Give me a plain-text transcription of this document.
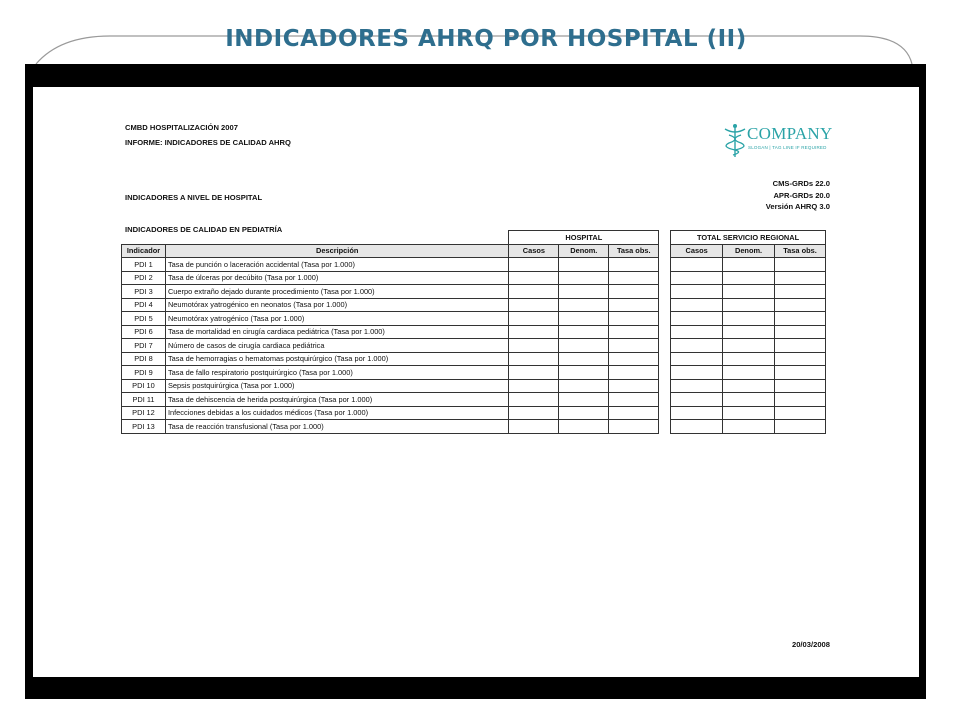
INDICADORES AHRQ POR HOSPITAL (II)
CMBD HOSPITALIZACIÓN 2007
INFORME: INDICADORES DE CALIDAD AHRQ
INDICADORES A NIVEL DE HOSPITAL
INDICADORES DE CALIDAD EN PEDIATRÍA
CMS-GRDs 22.0
APR-GRDs 20.0
Versión AHRQ 3.0
COMPANY
SLOGAN | TAG LINE IF REQUIRED
		HOSPITAL				TOTAL SERVICIO REGIONAL		
Indicador	Descripción	Casos	Denom.	Tasa obs.		Casos	Denom.	Tasa obs.
PDI 1	Tasa de punción o laceración accidental (Tasa por 1.000)							
PDI 2	Tasa de úlceras por decúbito (Tasa por 1.000)							
PDI 3	Cuerpo extraño dejado durante procedimiento (Tasa por 1.000)							
PDI 4	Neumotórax yatrogénico en neonatos (Tasa por 1.000)							
PDI 5	Neumotórax yatrogénico (Tasa por 1.000)							
PDI 6	Tasa de mortalidad en cirugía cardiaca pediátrica (Tasa por 1.000)							
PDI 7	Número de casos de cirugía cardiaca pediátrica							
PDI 8	Tasa de hemorragias o hematomas postquirúrgico (Tasa por 1.000)							
PDI 9	Tasa de fallo respiratorio postquirúrgico (Tasa por 1.000)							
PDI 10	Sepsis postquirúrgica (Tasa por 1.000)							
PDI 11	Tasa de dehiscencia de herida postquirúrgica (Tasa por 1.000)							
PDI 12	Infecciones debidas a los cuidados médicos (Tasa por 1.000)							
PDI 13	Tasa de reacción transfusional (Tasa por 1.000)							
20/03/2008
